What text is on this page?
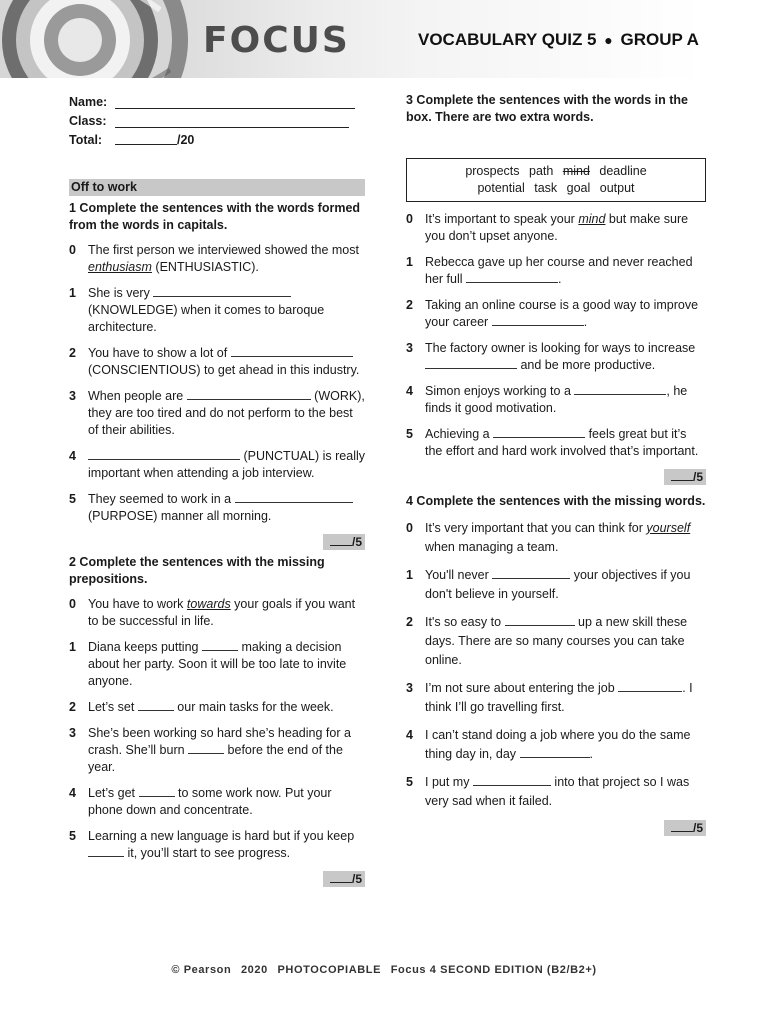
FOCUS	VOCABULARY QUIZ 5 ● GROUP A
Name:
Class:
Total:	/20
Off to work
1 Complete the sentences with the words formed from the words in capitals.
0 The first person we interviewed showed the most enthusiasm (ENTHUSIASTIC).
1 She is very  (KNOWLEDGE) when it comes to baroque architecture.
2 You have to show a lot of  (CONSCIENTIOUS) to get ahead in this industry.
3 When people are	(WORK), they are too tired and do not perform to the best of their abilities.
4	(PUNCTUAL) is really important when attending a job interview.
5 They seemed to work in a  (PURPOSE) manner all morning.
/5
2 Complete the sentences with the missing prepositions.
0 You have to work towards your goals if you want to be successful in life.
1 Diana keeps putting	making a decision about her party. Soon it will be too late to invite anyone.
2 Let’s set	our main tasks for the week.
3 She’s been working so hard she’s heading for a crash. She’ll burn	before the end of the year.
4 Let’s get	to some work now. Put your phone down and concentrate.
5 Learning a new language is hard but if you keep  it, you’ll start to see progress.
/5
3 Complete the sentences with the words in the box. There are two extra words.
prospects path mind deadline
potential task goal output
0 It’s important to speak your mind but make sure you don’t upset anyone.
1 Rebecca gave up her course and never reached her full	.
2 Taking an online course is a good way to improve your career	.
3 The factory owner is looking for ways to increase  and be more productive.
4 Simon enjoys working to a	, he finds it good motivation.
5 Achieving a	feels great but it’s the effort and hard work involved that’s important.
/5
4 Complete the sentences with the missing words.
0 It’s very important that you can think for yourself when managing a team.
1 You'll never	your objectives if you don't believe in yourself.
2 It's so easy to	up a new skill these days. There are so many courses you can take online.
3 I’m not sure about entering the job	. I think I’ll go travelling first.
4 I can’t stand doing a job where you do the same thing day in, day	.
5 I put my	into that project so I was very sad when it failed.
/5
© Pearson 2020 PHOTOCOPIABLE Focus 4 SECOND EDITION (B2/B2+)
